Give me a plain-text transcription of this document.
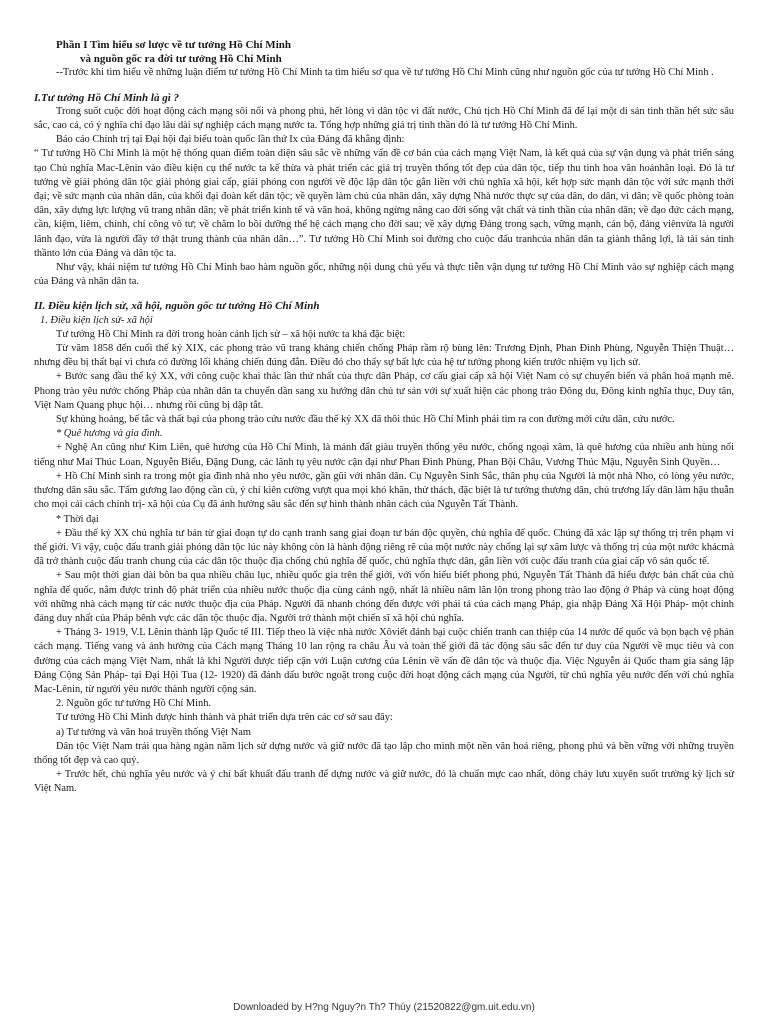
Phần I Tìm hiểu sơ lược về tư tưởng Hồ Chí Minh

và nguồn gốc ra đời tư tưởng Hồ Chí Minh

--Trước khi tìm hiểu về những luận điểm tư tưởng Hồ Chí Minh ta tìm hiểu sơ qua về tư tưởng Hồ Chí Minh cũng như nguồn gốc của tư tưởng Hồ Chí Minh .

I.Tư tưởng Hồ Chí Minh là gì ?

Trong suốt cuộc đời hoạt động cách mạng sôi nổi và phong phú, hết lòng vì dân tộc vì đất nước, Chủ tịch Hồ Chí Minh đã để lại một di sản tinh thần hết sức sâu sắc, cao cả, có ý nghĩa chỉ đạo lâu dài sự nghiệp cách mạng nước ta. Tổng hợp những giá trị tinh thần đó là tư tưởng Hồ Chí Minh.

Báo cáo Chính trị tại Đại hội đại biểu toàn quốc lần thứ Ix của Đảng đã khẳng định:

“ Tư tưởng Hồ Chí Minh là một hệ thống quan điểm toàn diện sâu sắc về những vấn đề cơ bản của cách mạng Việt Nam, là kết quả của sự vận dụng và phát triển sáng tạo Chủ nghĩa Mac-Lênin vào điều kiện cụ thể nước ta kế thừa và phát triển các giá trị truyền thống tốt đẹp của dân tộc, tiếp thu tinh hoa văn hoánhân loại. Đó là tư tưởng về giải phóng dân tộc giải phóng giai cấp, giải phóng con người về độc lập dân tộc gắn liền với chủ nghĩa xã hội, kết hợp sức mạnh dân tộc với sức mạnh thời đại; về sức mạnh của nhân dân, của khối đại đoàn kết dân tộc; về quyền làm chủ của nhân dân, xây dựng Nhà nước thực sự của dân, do dân, vì dân; về quốc phòng toàn dân, xây dựng lực lượng vũ trang nhân dân; về phát triển kinh tế và văn hoá, không ngừng nâng cao đời sống vật chất và tinh thần của nhân dân; về đạo đức cách mạng, cần, kiệm, liêm, chính, chí công vô tư; về chăm lo bồi dưỡng thế hệ cách mạng cho đời sau; về xây dựng Đảng trong sạch, vững mạnh, cán bộ, đảng viênvừa là người lãnh đạo, vừa là người đầy tớ thật trung thành của nhân dân…”. Tư tưởng Hồ Chí Minh soi đường cho cuộc đấu tranhcủa nhân dân ta giành thắng lợi, là tài sản tinh thầnto lớn của Đảng và dân tộc ta.

Như vậy, khái niệm tư tưởng Hồ Chí Minh bao hàm nguồn gốc, những nội dung chủ yếu và thực tiễn vận dụng tư tưởng Hồ Chí Minh vào sự nghiệp cách mạng của Đảng và nhân dân ta.

II. Điều kiện lịch sử, xã hội, nguồn gốc tư tưởng Hồ Chí Minh

1. Điều kiện lịch sử- xã hội

Tư tưởng Hồ Chí Minh ra đời trong hoàn cảnh lịch sử – xã hội nước ta khá đặc biệt:

Từ văm 1858 đến cuối thế kỷ XIX, các phong trào vũ trang kháng chiến chống Pháp rầm rộ bùng lên: Trương Định, Phan Đình Phùng, Nguyễn Thiện Thuật… nhưng đều bị thất bại vì chưa có đường lối kháng chiến đúng đắn. Điều đó cho thấy sự bất lực của hệ tư tưởng phong kiến trước nhiệm vụ lịch sử.

+ Bước sang đầu thế kỷ XX, với công cuộc khai thác lần thứ nhất của thực dân Pháp, cơ cấu giai cấp xã hội Việt Nam có sự chuyển biến và phân hoá mạnh mẽ. Phong trào yêu nước chống Pháp của nhân dân ta chuyển dần sang xu hướng dân chủ tư sản với sự xuất hiện các phong trào Đông du, Đông kinh nghĩa thục, Duy tân, Việt Nam Quang phục hội… nhưng rồi cũng bị dập tắt.

Sự khủng hoảng, bế tắc và thất bại của phong trào cứu nước đầu thế kỷ XX đã thôi thúc Hồ Chí Minh phải tìm ra con đường mới cứu dân, cứu nước.

* Quê hương và gia đình.

+ Nghệ An cũng như Kim Liên, quê hương của Hồ Chí Minh, là mảnh đất giàu truyền thống yêu nước, chống ngoại xâm, là quê hương của nhiều anh hùng nổi tiếng như Mai Thúc Loan, Nguyễn Biểu, Đặng Dung, các lãnh tụ yêu nước cận đại như Phan Đình Phùng, Phan Bội Châu, Vương Thúc Mậu, Nguyễn Sinh Quyền…

+ Hồ Chí Minh sinh ra trong một gia đình nhà nho yêu nước, gần gũi với nhân dân. Cụ Nguyễn Sinh Sắc, thân phụ của Người là một nhà Nho, có lòng yêu nước, thương dân sâu sắc. Tấm gương lao động cần cù, ý chí kiên cường vượt qua mọi khó khăn, thử thách, đặc biệt là tư tưởng thương dân, chủ trương lấy dân làm hậu thuẫn cho mọi cải cách chính trị- xã hội của Cụ đã ảnh hưởng sâu sắc đến sự hình thành nhân cách của Nguyễn Tất Thành.

* Thời đại

+ Đầu thế kỷ XX chủ nghĩa tư bản từ giai đoạn tự do cạnh tranh sang giai đoạn tư bản độc quyền, chủ nghĩa đế quốc. Chúng đã xác lập sự thống trị trên phạm vi thế giới. Vì vậy, cuộc đấu tranh giải phóng dân tộc lúc này không còn là hành động riêng rẽ của một nước này chống lại sự xâm lược và thống trị của một nước khácmà đã trở thành cuộc đấu tranh chung của các dân tộc thuộc địa chống chủ nghĩa đế quốc, chủ nghĩa thực dân, gắn liền với cuộc đấu tranh của giai cấp vô sản quốc tế.

+ Sau một thời gian dài bôn ba qua nhiều châu lục, nhiều quốc gia trên thế giới, với vốn hiểu biết phong phú, Nguyễn Tất Thành đã hiểu được bản chất của chủ nghĩa đế quốc, nắm được trình độ phát triển của nhiều nước thuộc địa cùng cảnh ngộ, nhất là nhiều năm lăn lộn trong phong trào lao động ở Pháp và cùng hoạt động với những nhà cách mạng từ các nước thuộc địa của Pháp. Người đã nhanh chóng đến được với phái tả của cách mạng Pháp, gia nhập Đảng Xã Hội Pháp- một chính đảng duy nhất của Pháp bênh vực các dân tộc thuộc địa. Người trở thành một chiến sĩ xã hội chủ nghĩa.

+ Tháng 3- 1919, V.L Lênin thành lập Quốc tế III. Tiếp theo là việc nhà nước Xôviết đánh bại cuộc chiến tranh can thiệp của 14 nước đế quốc và bọn bạch vệ phản cách mạng. Tiếng vang và ảnh hưởng của Cách mạng Tháng 10 lan rộng ra châu Âu và toàn thế giới đã tác động sâu sắc đến tư duy của Người về mục tiêu và con đường của cách mạng Việt Nam, nhất là khi Người được tiếp cận với Luận cương của Lênin về vấn đề dân tộc và thuộc địa. Việc Nguyễn ái Quốc tham gia sáng lập Đảng Cộng Sản Pháp- tại Đại Hội Tua (12- 1920) đã đánh dấu bước ngoặt trong cuộc đời hoạt động cách mạng của Người, từ chủ nghĩa yêu nước đến với chủ nghĩa Mac-Lênin, từ người yêu nước thành người cộng sản.

2. Nguồn gốc tư tưởng Hồ Chí Minh.

Tư tưởng Hồ Chí Minh được hình thành và phát triển dựa trên các cơ sở sau đây:

a) Tư tưởng và văn hoá truyền thống Việt Nam

Dân tộc Việt Nam trải qua hàng ngàn năm lịch sử dựng nước và giữ nước đã tạo lập cho mình một nền văn hoá riêng, phong phú và bền vững với những truyền thống tốt đẹp và cao quý.

+ Trước hết, chủ nghĩa yêu nước và ý chí bất khuất đấu tranh để dựng nước và giữ nước, đó là chuẩn mực cao nhất, dòng chảy lưu xuyên suốt trường kỳ lịch sử Việt Nam.

Downloaded by H?ng Nguy?n Th? Thúy (21520822@gm.uit.edu.vn)
